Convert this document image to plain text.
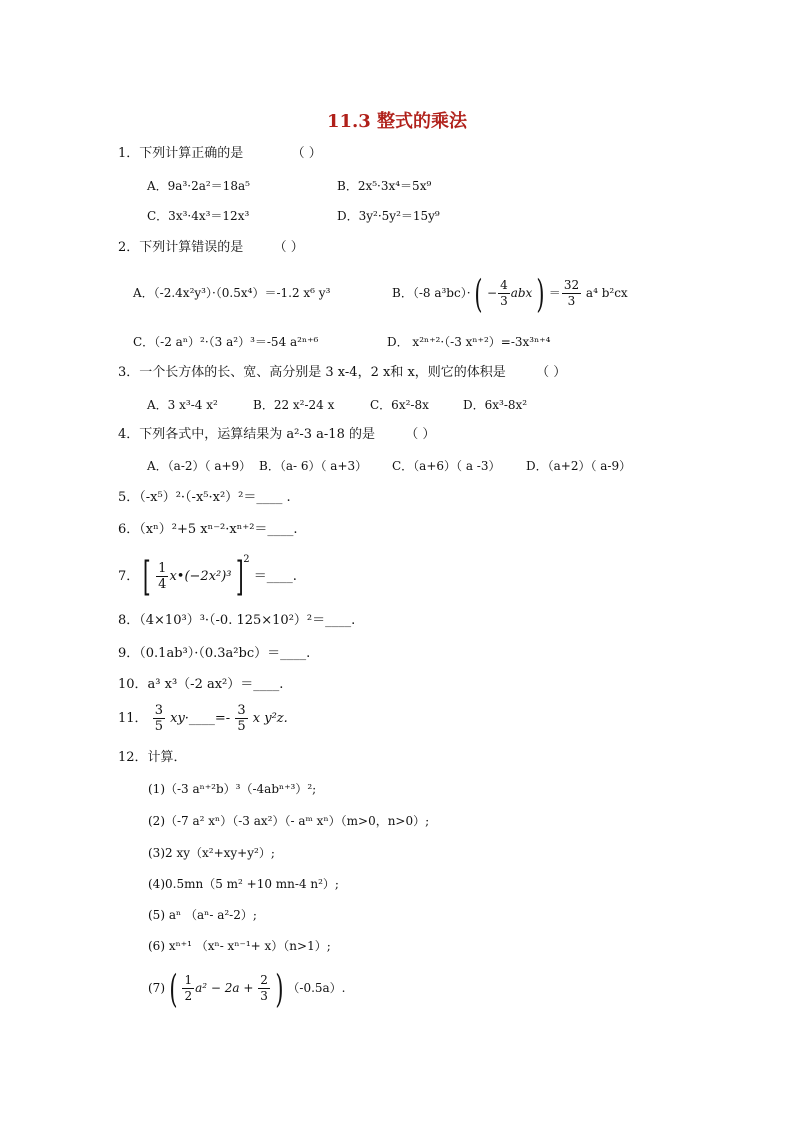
11.3 整式的乘法
1．下列计算正确的是	（ ）
A．9a³·2a²＝18a⁵	B．2x⁵·3x⁴＝5x⁹
C．3x³·4x³＝12x³	D．3y²·5y²＝15y⁹
2．下列计算错误的是 （ ）
A．（-2.4x²y³）·（0.5x⁴）＝-1.2 x⁶ y³	B．（-8 a³bc）· ( − $\frac{4}{3}$ abx ) ＝ $\frac{32}{3} a^4$ b²cx
C．（-2 aⁿ）²·（3 a²）³＝-54 a²ⁿ⁺⁶	D． x²ⁿ⁺²·（-3 xⁿ⁺²）=-3x³ⁿ⁺⁴
3．一个长方体的长、宽、高分别是 3 x-4，2 x和 x，则它的体积是 （ ）
A．3 x³-4 x²	B．22 x²-24 x	C．6x²-8x	D．6x³-8x²
4．下列各式中，运算结果为 a²-3 a-18 的是 （ ）
A．（a-2）（ a+9） B．（a- 6）（ a+3） C．（a+6）（ a -3） D．（a+2）（ a-9）
5．（-x⁵）²·（-x⁵·x²）²＝____ .
6．（xⁿ）²+5 xⁿ⁻²·xⁿ⁺²＝____.
7． [ $\frac{1}{4}$ x•(−2x²)³ ]$^2$ ＝____.
8．（4×10³）³·（-0. 125×10²）²＝____.
9．（0.1ab³）·（0.3a²bc）＝____.
10．a³ x³（-2 ax²）＝____.
11． $\frac{3}{5}$ xy·____=- $\frac{3}{5}$ x y²z.
12．计算．
(1)（-3 aⁿ⁺²b）³（-4abⁿ⁺³）²;
(2)（-7 a² xⁿ）（-3 ax²）（- aᵐ xⁿ）（m>0，n>0）;
(3)2 xy（x²+xy+y²）;
(4)0.5mn（5 m² +10 mn-4 n²）;
(5) aⁿ （aⁿ- a²-2）;
(6) xⁿ⁺¹ （xⁿ- xⁿ⁻¹+ x）（n>1）;
(7) ( $\frac{1}{2} a^2 - 2a + \frac{2}{3}$ ) （-0.5a）.
